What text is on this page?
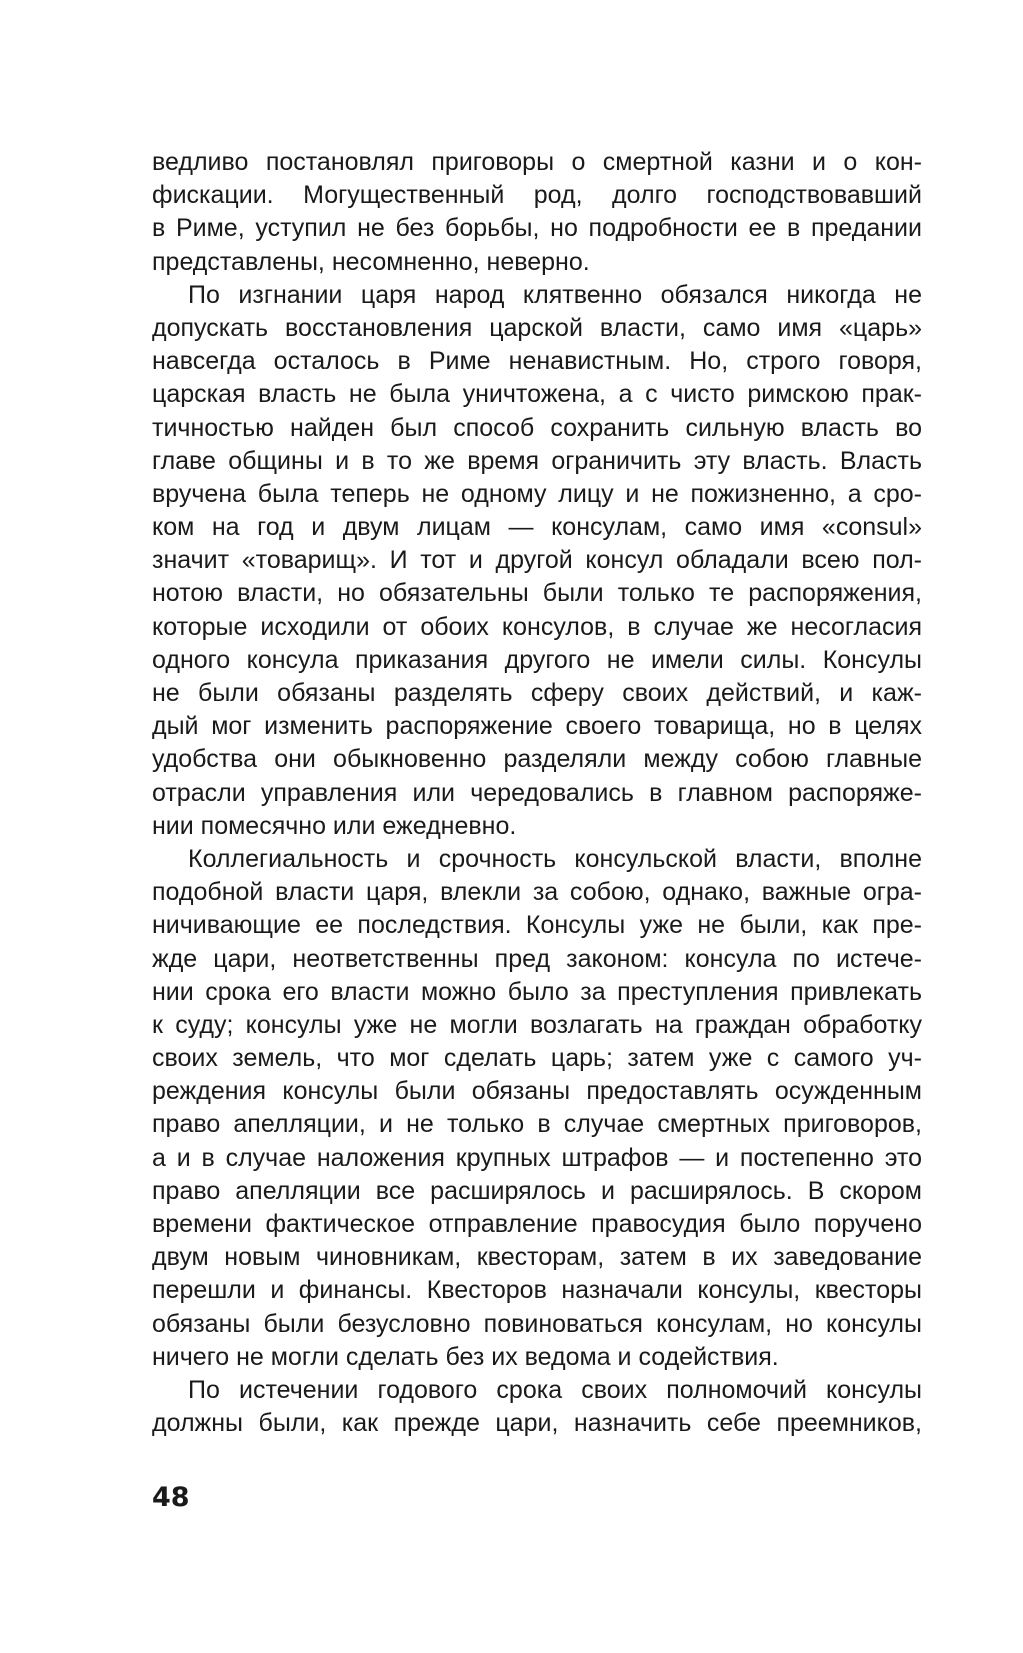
ведливо постановлял приговоры о смертной казни и о кон-
фискации. Могущественный род, долго господствовавший
в Риме, уступил не без борьбы, но подробности ее в предании
представлены, несомненно, неверно.
По изгнании царя народ клятвенно обязался никогда не
допускать восстановления царской власти, само имя «царь»
навсегда осталось в Риме ненавистным. Но, строго говоря,
царская власть не была уничтожена, а с чисто римскою прак-
тичностью найден был способ сохранить сильную власть во
главе общины и в то же время ограничить эту власть. Власть
вручена была теперь не одному лицу и не пожизненно, а сро-
ком на год и двум лицам — консулам, само имя «consul»
значит «товарищ». И тот и другой консул обладали всею пол-
нотою власти, но обязательны были только те распоряжения,
которые исходили от обоих консулов, в случае же несогласия
одного консула приказания другого не имели силы. Консулы
не были обязаны разделять сферу своих действий, и каж-
дый мог изменить распоряжение своего товарища, но в целях
удобства они обыкновенно разделяли между собою главные
отрасли управления или чередовались в главном распоряже-
нии помесячно или ежедневно.
Коллегиальность и срочность консульской власти, вполне
подобной власти царя, влекли за собою, однако, важные огра-
ничивающие ее последствия. Консулы уже не были, как пре-
жде цари, неответственны пред законом: консула по истече-
нии срока его власти можно было за преступления привлекать
к суду; консулы уже не могли возлагать на граждан обработку
своих земель, что мог сделать царь; затем уже с самого уч-
реждения консулы были обязаны предоставлять осужденным
право апелляции, и не только в случае смертных приговоров,
а и в случае наложения крупных штрафов — и постепенно это
право апелляции все расширялось и расширялось. В скором
времени фактическое отправление правосудия было поручено
двум новым чиновникам, квесторам, затем в их заведование
перешли и финансы. Квесторов назначали консулы, квесторы
обязаны были безусловно повиноваться консулам, но консулы
ничего не могли сделать без их ведома и содействия.
По истечении годового срока своих полномочий консулы
должны были, как прежде цари, назначить себе преемников,
48
